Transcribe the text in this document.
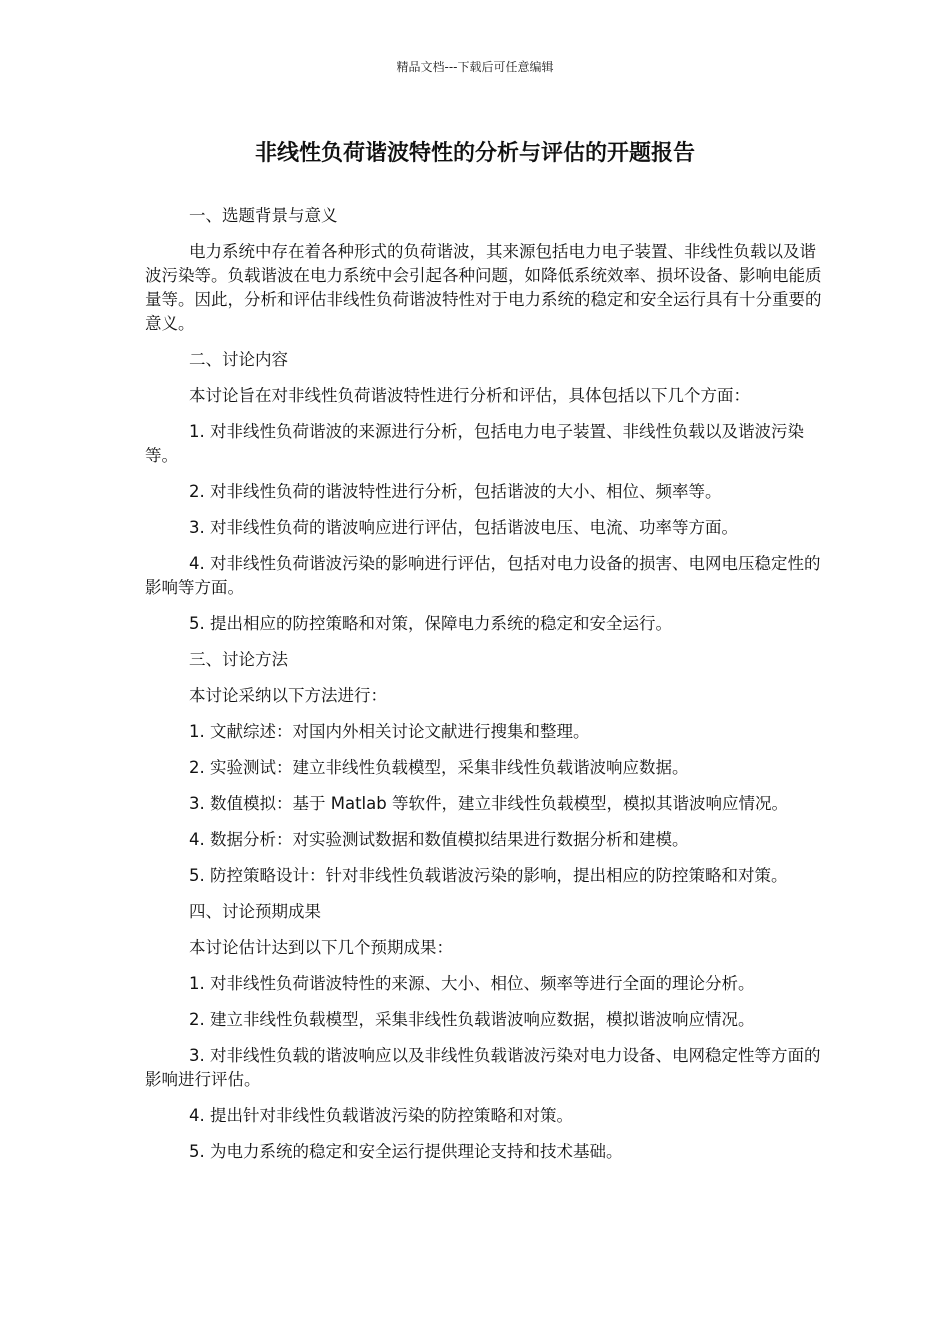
精品文档---下载后可任意编辑
非线性负荷谐波特性的分析与评估的开题报告

一、选题背景与意义

电力系统中存在着各种形式的负荷谐波，其来源包括电力电子装置、非线性负载以及谐波污染等。负载谐波在电力系统中会引起各种问题，如降低系统效率、损坏设备、影响电能质量等。因此，分析和评估非线性负荷谐波特性对于电力系统的稳定和安全运行具有十分重要的意义。

二、讨论内容

本讨论旨在对非线性负荷谐波特性进行分析和评估，具体包括以下几个方面：

1. 对非线性负荷谐波的来源进行分析，包括电力电子装置、非线性负载以及谐波污染等。

2. 对非线性负荷的谐波特性进行分析，包括谐波的大小、相位、频率等。

3. 对非线性负荷的谐波响应进行评估，包括谐波电压、电流、功率等方面。

4. 对非线性负荷谐波污染的影响进行评估，包括对电力设备的损害、电网电压稳定性的影响等方面。

5. 提出相应的防控策略和对策，保障电力系统的稳定和安全运行。

三、讨论方法

本讨论采纳以下方法进行：

1. 文献综述：对国内外相关讨论文献进行搜集和整理。

2. 实验测试：建立非线性负载模型，采集非线性负载谐波响应数据。

3. 数值模拟：基于 Matlab 等软件，建立非线性负载模型，模拟其谐波响应情况。

4. 数据分析：对实验测试数据和数值模拟结果进行数据分析和建模。

5. 防控策略设计：针对非线性负载谐波污染的影响，提出相应的防控策略和对策。

四、讨论预期成果

本讨论估计达到以下几个预期成果：

1. 对非线性负荷谐波特性的来源、大小、相位、频率等进行全面的理论分析。

2. 建立非线性负载模型，采集非线性负载谐波响应数据，模拟谐波响应情况。

3. 对非线性负载的谐波响应以及非线性负载谐波污染对电力设备、电网稳定性等方面的影响进行评估。

4. 提出针对非线性负载谐波污染的防控策略和对策。

5. 为电力系统的稳定和安全运行提供理论支持和技术基础。
